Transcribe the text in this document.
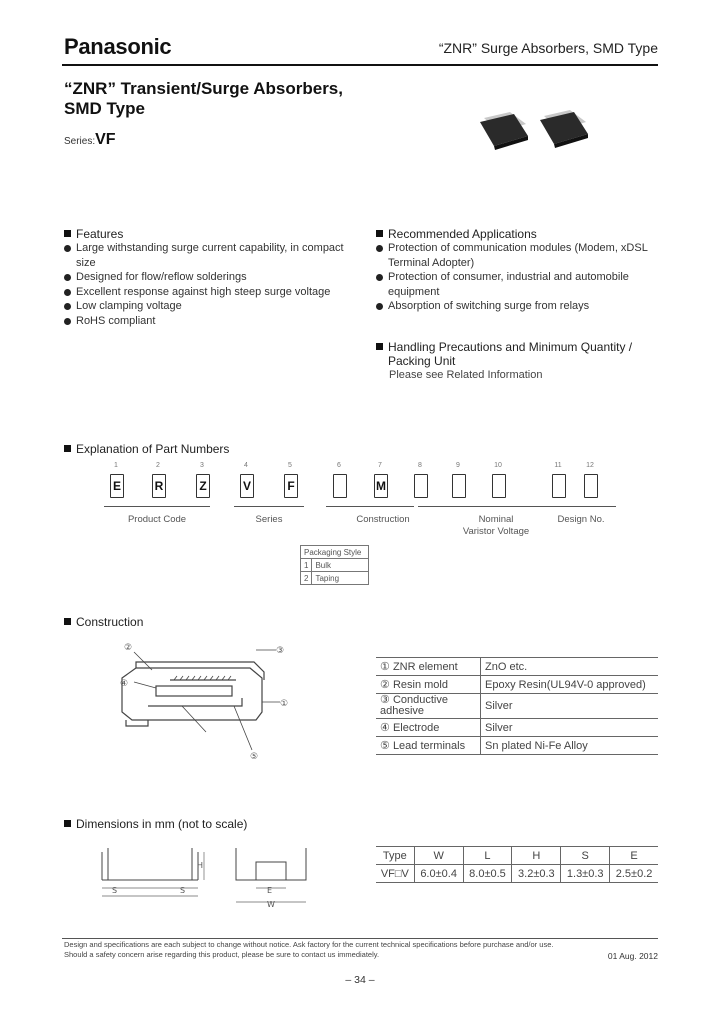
Panasonic	“ZNR” Surge Absorbers, SMD Type
“ZNR” Transient/Surge Absorbers,
SMD Type
Series:VF
Features
Large withstanding surge current capability, in compact size
Designed for flow/reflow solderings
Excellent response against high steep surge voltage
Low clamping voltage
RoHS compliant
Recommended Applications
Protection of communication modules (Modem, xDSL Terminal Adopter)
Protection of consumer, industrial and automobile equipment
Absorption of switching surge from relays
Handling Precautions and Minimum Quantity /
Packing Unit
Please see Related Information
Explanation of Part Numbers
1
E
2
R
3
Z
4
V
5
F
6	7
M
8	9	10	11	12
Product Code	Series	Construction	Nominal
Varistor Voltage
Design No.
Packaging Style	
1	Bulk
2	Taping
Construction
②
④
③
①
⑤
① ZNR element	ZnO etc.
② Resin mold	Epoxy Resin(UL94V-0 approved)
③ Conductive adhesive	Silver
④ Electrode	Silver
⑤ Lead terminals	Sn plated Ni-Fe Alloy
Dimensions in mm (not to scale)
S	S
H
E
W
Type	W	L	H	S	E
VF□V	6.0±0.4	8.0±0.5	3.2±0.3	1.3±0.3	2.5±0.2
Design and specifications are each subject to change without notice. Ask factory for the current technical specifications before purchase and/or use.
Should a safety concern arise regarding this product, please be sure to contact us immediately.	01 Aug. 2012
– 34 –
